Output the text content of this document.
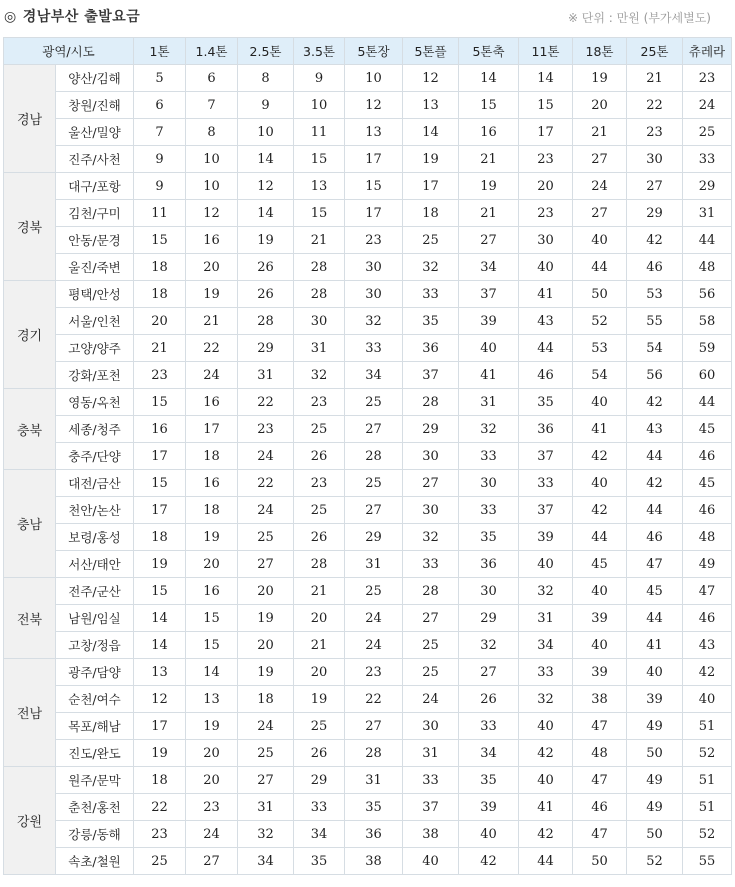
◎ 경남부산 출발요금	※ 단위 : 만원 (부가세별도)
광역/시도		1톤	1.4톤	2.5톤	3.5톤	5톤장	5톤플	5톤축	11톤	18톤	25톤	츄레라
경남	양산/김해	5	6	8	9	10	12	14	14	19	21	23
	창원/진해	6	7	9	10	12	13	15	15	20	22	24
	울산/밀양	7	8	10	11	13	14	16	17	21	23	25
	진주/사천	9	10	14	15	17	19	21	23	27	30	33
경북	대구/포항	9	10	12	13	15	17	19	20	24	27	29
	김천/구미	11	12	14	15	17	18	21	23	27	29	31
	안동/문경	15	16	19	21	23	25	27	30	40	42	44
	울진/죽변	18	20	26	28	30	32	34	40	44	46	48
경기	평택/안성	18	19	26	28	30	33	37	41	50	53	56
	서울/인천	20	21	28	30	32	35	39	43	52	55	58
	고양/양주	21	22	29	31	33	36	40	44	53	54	59
	강화/포천	23	24	31	32	34	37	41	46	54	56	60
충북	영동/옥천	15	16	22	23	25	28	31	35	40	42	44
	세종/청주	16	17	23	25	27	29	32	36	41	43	45
	충주/단양	17	18	24	26	28	30	33	37	42	44	46
충남	대전/금산	15	16	22	23	25	27	30	33	40	42	45
	천안/논산	17	18	24	25	27	30	33	37	42	44	46
	보령/홍성	18	19	25	26	29	32	35	39	44	46	48
	서산/태안	19	20	27	28	31	33	36	40	45	47	49
전북	전주/군산	15	16	20	21	25	28	30	32	40	45	47
	남원/임실	14	15	19	20	24	27	29	31	39	44	46
	고창/정읍	14	15	20	21	24	25	32	34	40	41	43
전남	광주/담양	13	14	19	20	23	25	27	33	39	40	42
	순천/여수	12	13	18	19	22	24	26	32	38	39	40
	목포/해남	17	19	24	25	27	30	33	40	47	49	51
	진도/완도	19	20	25	26	28	31	34	42	48	50	52
강원	원주/문막	18	20	27	29	31	33	35	40	47	49	51
	춘천/홍천	22	23	31	33	35	37	39	41	46	49	51
	강릉/동해	23	24	32	34	36	38	40	42	47	50	52
	속초/철원	25	27	34	35	38	40	42	44	50	52	55
